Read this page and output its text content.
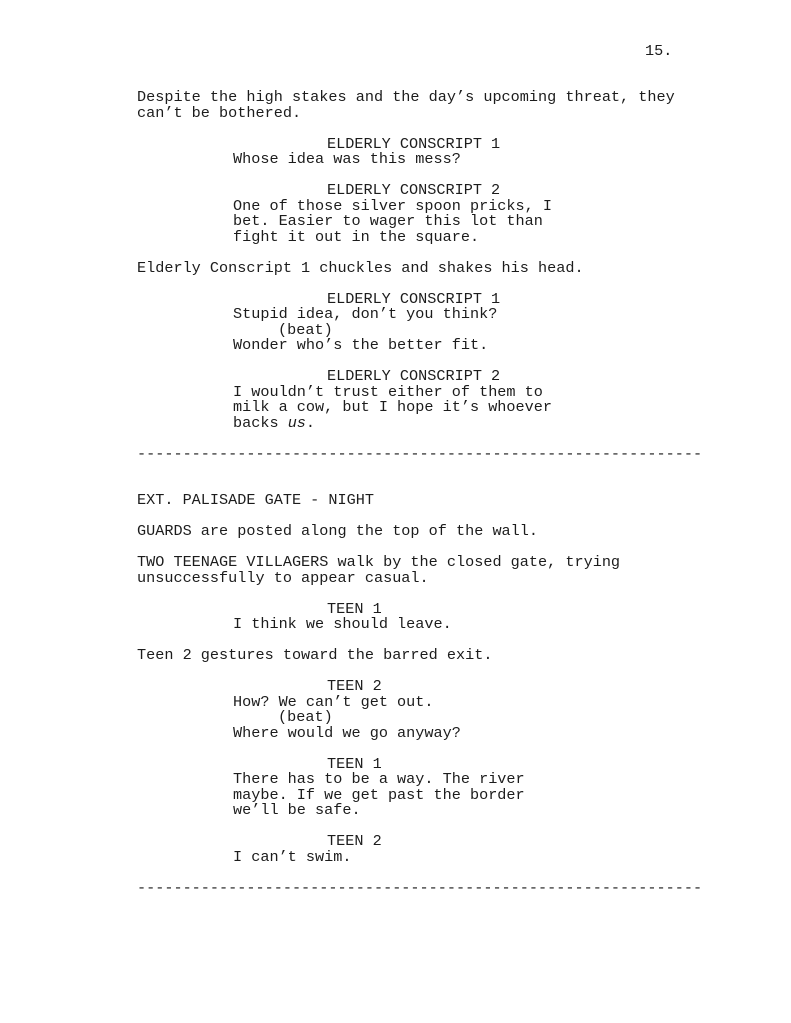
15.
Despite the high stakes and the day’s upcoming threat, they
can’t be bothered.
ELDERLY CONSCRIPT 1
Whose idea was this mess?
ELDERLY CONSCRIPT 2
One of those silver spoon pricks, I
bet. Easier to wager this lot than
fight it out in the square.
Elderly Conscript 1 chuckles and shakes his head.
ELDERLY CONSCRIPT 1
Stupid idea, don’t you think?
(beat)
Wonder who’s the better fit.
ELDERLY CONSCRIPT 2
I wouldn’t trust either of them to
milk a cow, but I hope it’s whoever
backs us.
--------------------------------------------------------------
EXT. PALISADE GATE - NIGHT
GUARDS are posted along the top of the wall.
TWO TEENAGE VILLAGERS walk by the closed gate, trying
unsuccessfully to appear casual.
TEEN 1
I think we should leave.
Teen 2 gestures toward the barred exit.
TEEN 2
How? We can’t get out.
(beat)
Where would we go anyway?
TEEN 1
There has to be a way. The river
maybe. If we get past the border
we’ll be safe.
TEEN 2
I can’t swim.
--------------------------------------------------------------
